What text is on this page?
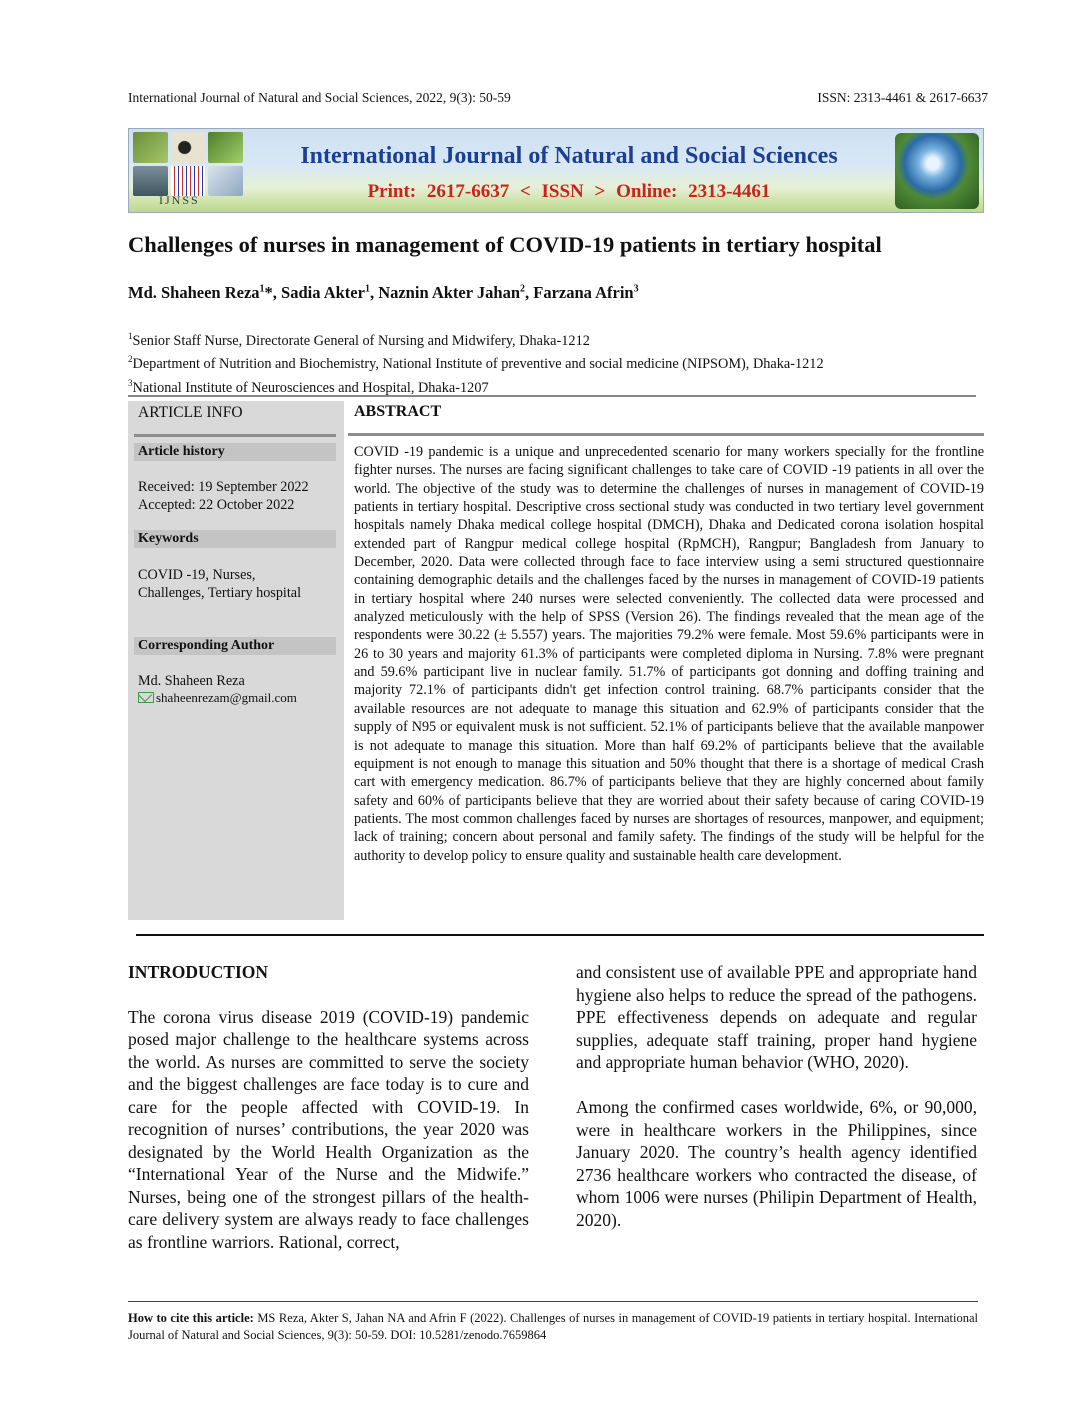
International Journal of Natural and Social Sciences, 2022, 9(3): 50-59	ISSN: 2313-4461 & 2617-6637
IJNSS
International Journal of Natural and Social Sciences
Print: 2617-6637 < ISSN > Online: 2313-4461
Challenges of nurses in management of COVID-19 patients in tertiary hospital
Md. Shaheen Reza$^1$*, Sadia Akter$^1$, Naznin Akter Jahan$^2$, Farzana Afrin$^3$

$^1$Senior Staff Nurse, Directorate General of Nursing and Midwifery, Dhaka-1212

$^2$Department of Nutrition and Biochemistry, National Institute of preventive and social medicine (NIPSOM), Dhaka-1212

$^3$National Institute of Neurosciences and Hospital, Dhaka-1207

ARTICLE INFO
Article history
Received: 19 September 2022
Accepted: 22 October 2022
Keywords
COVID -19, Nurses,
Challenges, Tertiary hospital
Corresponding Author
Md. Shaheen Reza
shaheenrezam@gmail.com
ABSTRACT
COVID -19 pandemic is a unique and unprecedented scenario for many workers specially for the frontline fighter nurses. The nurses are facing significant challenges to take care of COVID -19 patients in all over the world. The objective of the study was to determine the challenges of nurses in management of COVID-19 patients in tertiary hospital. Descriptive cross sectional study was conducted in two tertiary level government hospitals namely Dhaka medical college hospital (DMCH), Dhaka and Dedicated corona isolation hospital extended part of Rangpur medical college hospital (RpMCH), Rangpur; Bangladesh from January to December, 2020. Data were collected through face to face interview using a semi structured questionnaire containing demographic details and the challenges faced by the nurses in management of COVID-19 patients in tertiary hospital where 240 nurses were selected conveniently. The collected data were processed and analyzed meticulously with the help of SPSS (Version 26). The findings revealed that the mean age of the respondents were 30.22 (± 5.557) years. The majorities 79.2% were female. Most 59.6% participants were in 26 to 30 years and majority 61.3% of participants were completed diploma in Nursing. 7.8% were pregnant and 59.6% participant live in nuclear family. 51.7% of participants got donning and doffing training and majority 72.1% of participants didn't get infection control training. 68.7% participants consider that the available resources are not adequate to manage this situation and 62.9% of participants consider that the supply of N95 or equivalent musk is not sufficient. 52.1% of participants believe that the available manpower is not adequate to manage this situation. More than half 69.2% of participants believe that the available equipment is not enough to manage this situation and 50% thought that there is a shortage of medical Crash cart with emergency medication. 86.7% of participants believe that they are highly concerned about family safety and 60% of participants believe that they are worried about their safety because of caring COVID-19 patients. The most common challenges faced by nurses are shortages of resources, manpower, and equipment; lack of training; concern about personal and family safety. The findings of the study will be helpful for the authority to develop policy to ensure quality and sustainable health care development.
INTRODUCTION

The corona virus disease 2019 (COVID-19) pandemic posed major challenge to the healthcare systems across the world. As nurses are committed to serve the society and the biggest challenges are face today is to cure and care for the people affected with COVID-19. In recognition of nurses’ contributions, the year 2020 was designated by the World Health Organization as the “International Year of the Nurse and the Midwife.” Nurses, being one of the strongest pillars of the health-care delivery system are always ready to face challenges as frontline warriors. Rational, correct,

and consistent use of available PPE and appropriate hand hygiene also helps to reduce the spread of the pathogens. PPE effectiveness depends on adequate and regular supplies, adequate staff training, proper hand hygiene and appropriate human behavior (WHO, 2020).

Among the confirmed cases worldwide, 6%, or 90,000, were in healthcare workers in the Philippines, since January 2020. The country’s health agency identified 2736 healthcare workers who contracted the disease, of whom 1006 were nurses (Philipin Department of Health, 2020).

How to cite this article: MS Reza, Akter S, Jahan NA and Afrin F (2022). Challenges of nurses in management of COVID-19 patients in tertiary hospital. International Journal of Natural and Social Sciences, 9(3): 50-59. DOI: 10.5281/zenodo.7659864
